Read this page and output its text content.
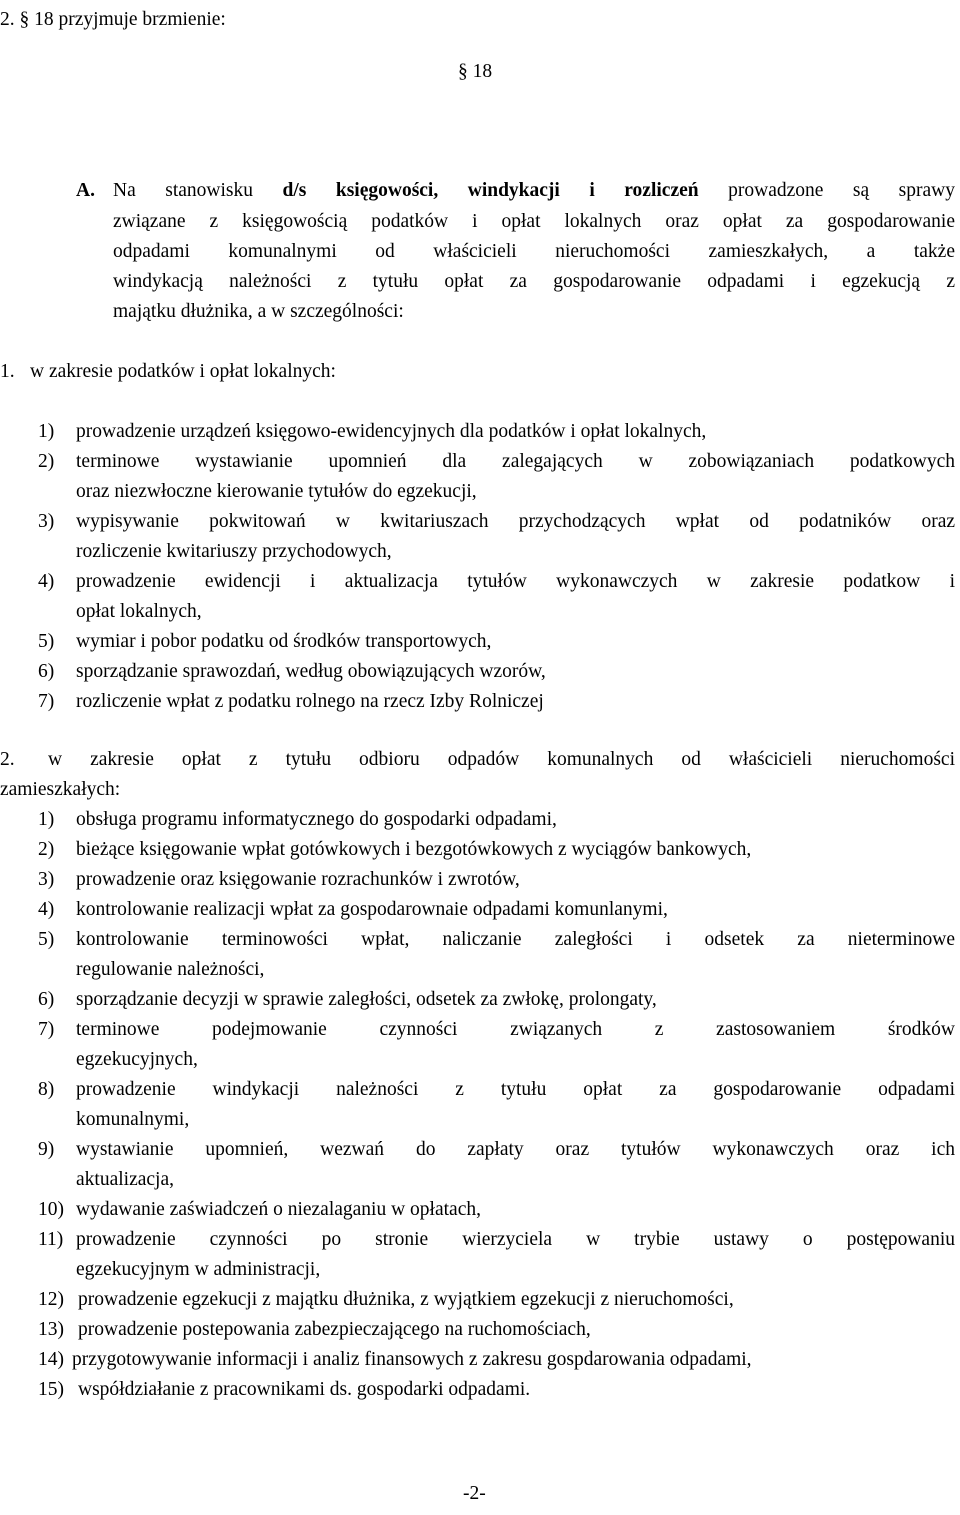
2. § 18 przyjmuje brzmienie:
§ 18
A. Na stanowisku d/s księgowości, windykacji i rozliczeń prowadzone są sprawy
związane z księgowością podatków i opłat lokalnych oraz opłat za gospodarowanie
odpadami komunalnymi od właścicieli nieruchomości zamieszkałych, a także
windykacją należności z tytułu opłat za gospodarowanie odpadami i egzekucją z
majątku dłużnika, a w szczególności:
1. w zakresie podatków i opłat lokalnych:
1) prowadzenie urządzeń księgowo-ewidencyjnych dla podatków i opłat lokalnych,
2) terminowe wystawianie upomnień dla zalegających w zobowiązaniach podatkowych
oraz niezwłoczne kierowanie tytułów do egzekucji,
3) wypisywanie pokwitowań w kwitariuszach przychodzących wpłat od podatników oraz
rozliczenie kwitariuszy przychodowych,
4) prowadzenie ewidencji i aktualizacja tytułów wykonawczych w zakresie podatkow i
opłat lokalnych,
5) wymiar i pobor podatku od środków transportowych,
6) sporządzanie sprawozdań, według obowiązujących wzorów,
7) rozliczenie wpłat z podatku rolnego na rzecz Izby Rolniczej
2. w zakresie opłat z tytułu odbioru odpadów komunalnych od właścicieli nieruchomości
zamieszkałych:
1) obsługa programu informatycznego do gospodarki odpadami,
2) bieżące księgowanie wpłat gotówkowych i bezgotówkowych z wyciągów bankowych,
3) prowadzenie oraz księgowanie rozrachunków i zwrotów,
4) kontrolowanie realizacji wpłat za gospodarownaie odpadami komunlanymi,
5) kontrolowanie terminowości wpłat, naliczanie zaległości i odsetek za nieterminowe
regulowanie należności,
6) sporządzanie decyzji w sprawie zaległości, odsetek za zwłokę, prolongaty,
7) terminowe podejmowanie czynności związanych z zastosowaniem środków
egzekucyjnych,
8) prowadzenie windykacji należności z tytułu opłat za gospodarowanie odpadami
komunalnymi,
9) wystawianie upomnień, wezwań do zapłaty oraz tytułów wykonawczych oraz ich
aktualizacja,
10) wydawanie zaświadczeń o niezalaganiu w opłatach,
11) prowadzenie czynności po stronie wierzyciela w trybie ustawy o postępowaniu
egzekucyjnym w administracji,
12) prowadzenie egzekucji z majątku dłużnika, z wyjątkiem egzekucji z nieruchomości,
13) prowadzenie postepowania zabezpieczającego na ruchomościach,
14) przygotowywanie informacji i analiz finansowych z zakresu gospdarowania odpadami,
15) współdziałanie z pracownikami ds. gospodarki odpadami.
-2-
